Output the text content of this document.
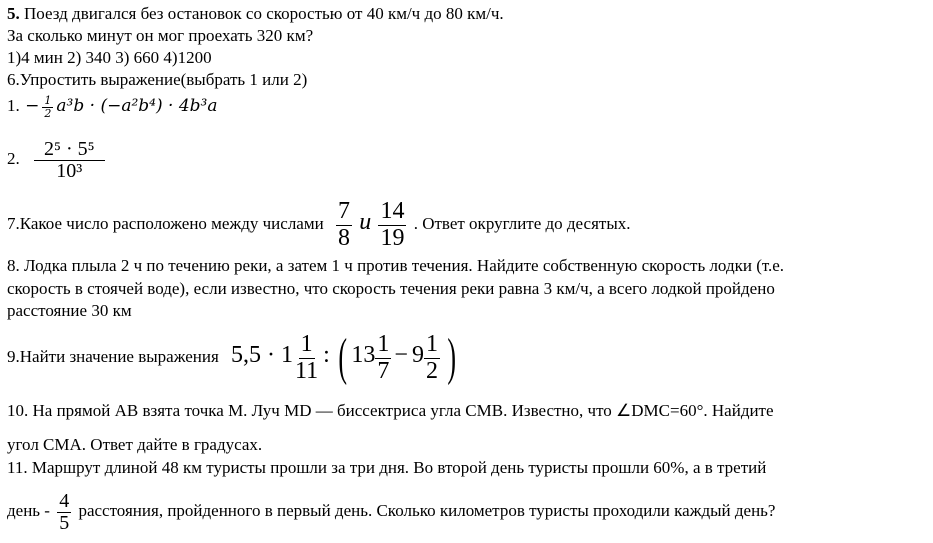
5. Поезд двигался без остановок со скоростью от 40 км/ч до 80 км/ч.
За сколько минут он мог проехать 320 км?
1)4 мин 2) 340 3) 660 4)1200
6.Упростить выражение(выбрать 1 или 2)
1. − $\frac{1}{2} a^3b \cdot (-a^2b^4) \cdot 4b^3a$
2. $\frac{\text{2⁵ · 5⁵}}{\text{10³}}$
7.Какое число расположено между числами $\frac{7}{8}$ и $\frac{14}{19}$ . Ответ округлите до десятых.
8. Лодка плыла 2 ч по течению реки, а затем 1 ч против течения. Найдите собственную скорость лодки (т.е.
скорость в стоячей воде), если известно, что скорость течения реки равна 3 км/ч, а всего лодкой пройдено
расстояние 30 км
9.Найти значение выражения $5,5 \cdot 1 \frac{1}{11}$ : ( $13 \frac{1}{7} - 9 \frac{1}{2}$ )
10. На прямой AB взята точка M. Луч MD — биссектриса угла CMB. Известно, что ∠DMC=60°. Найдите
угол CMA. Ответ дайте в градусах.
11. Маршрут длиной 48 км туристы прошли за три дня. Во второй день туристы прошли 60%, а в третий
день - $\frac{4}{5}$ расстояния, пройденного в первый день. Сколько километров туристы проходили каждый день?
